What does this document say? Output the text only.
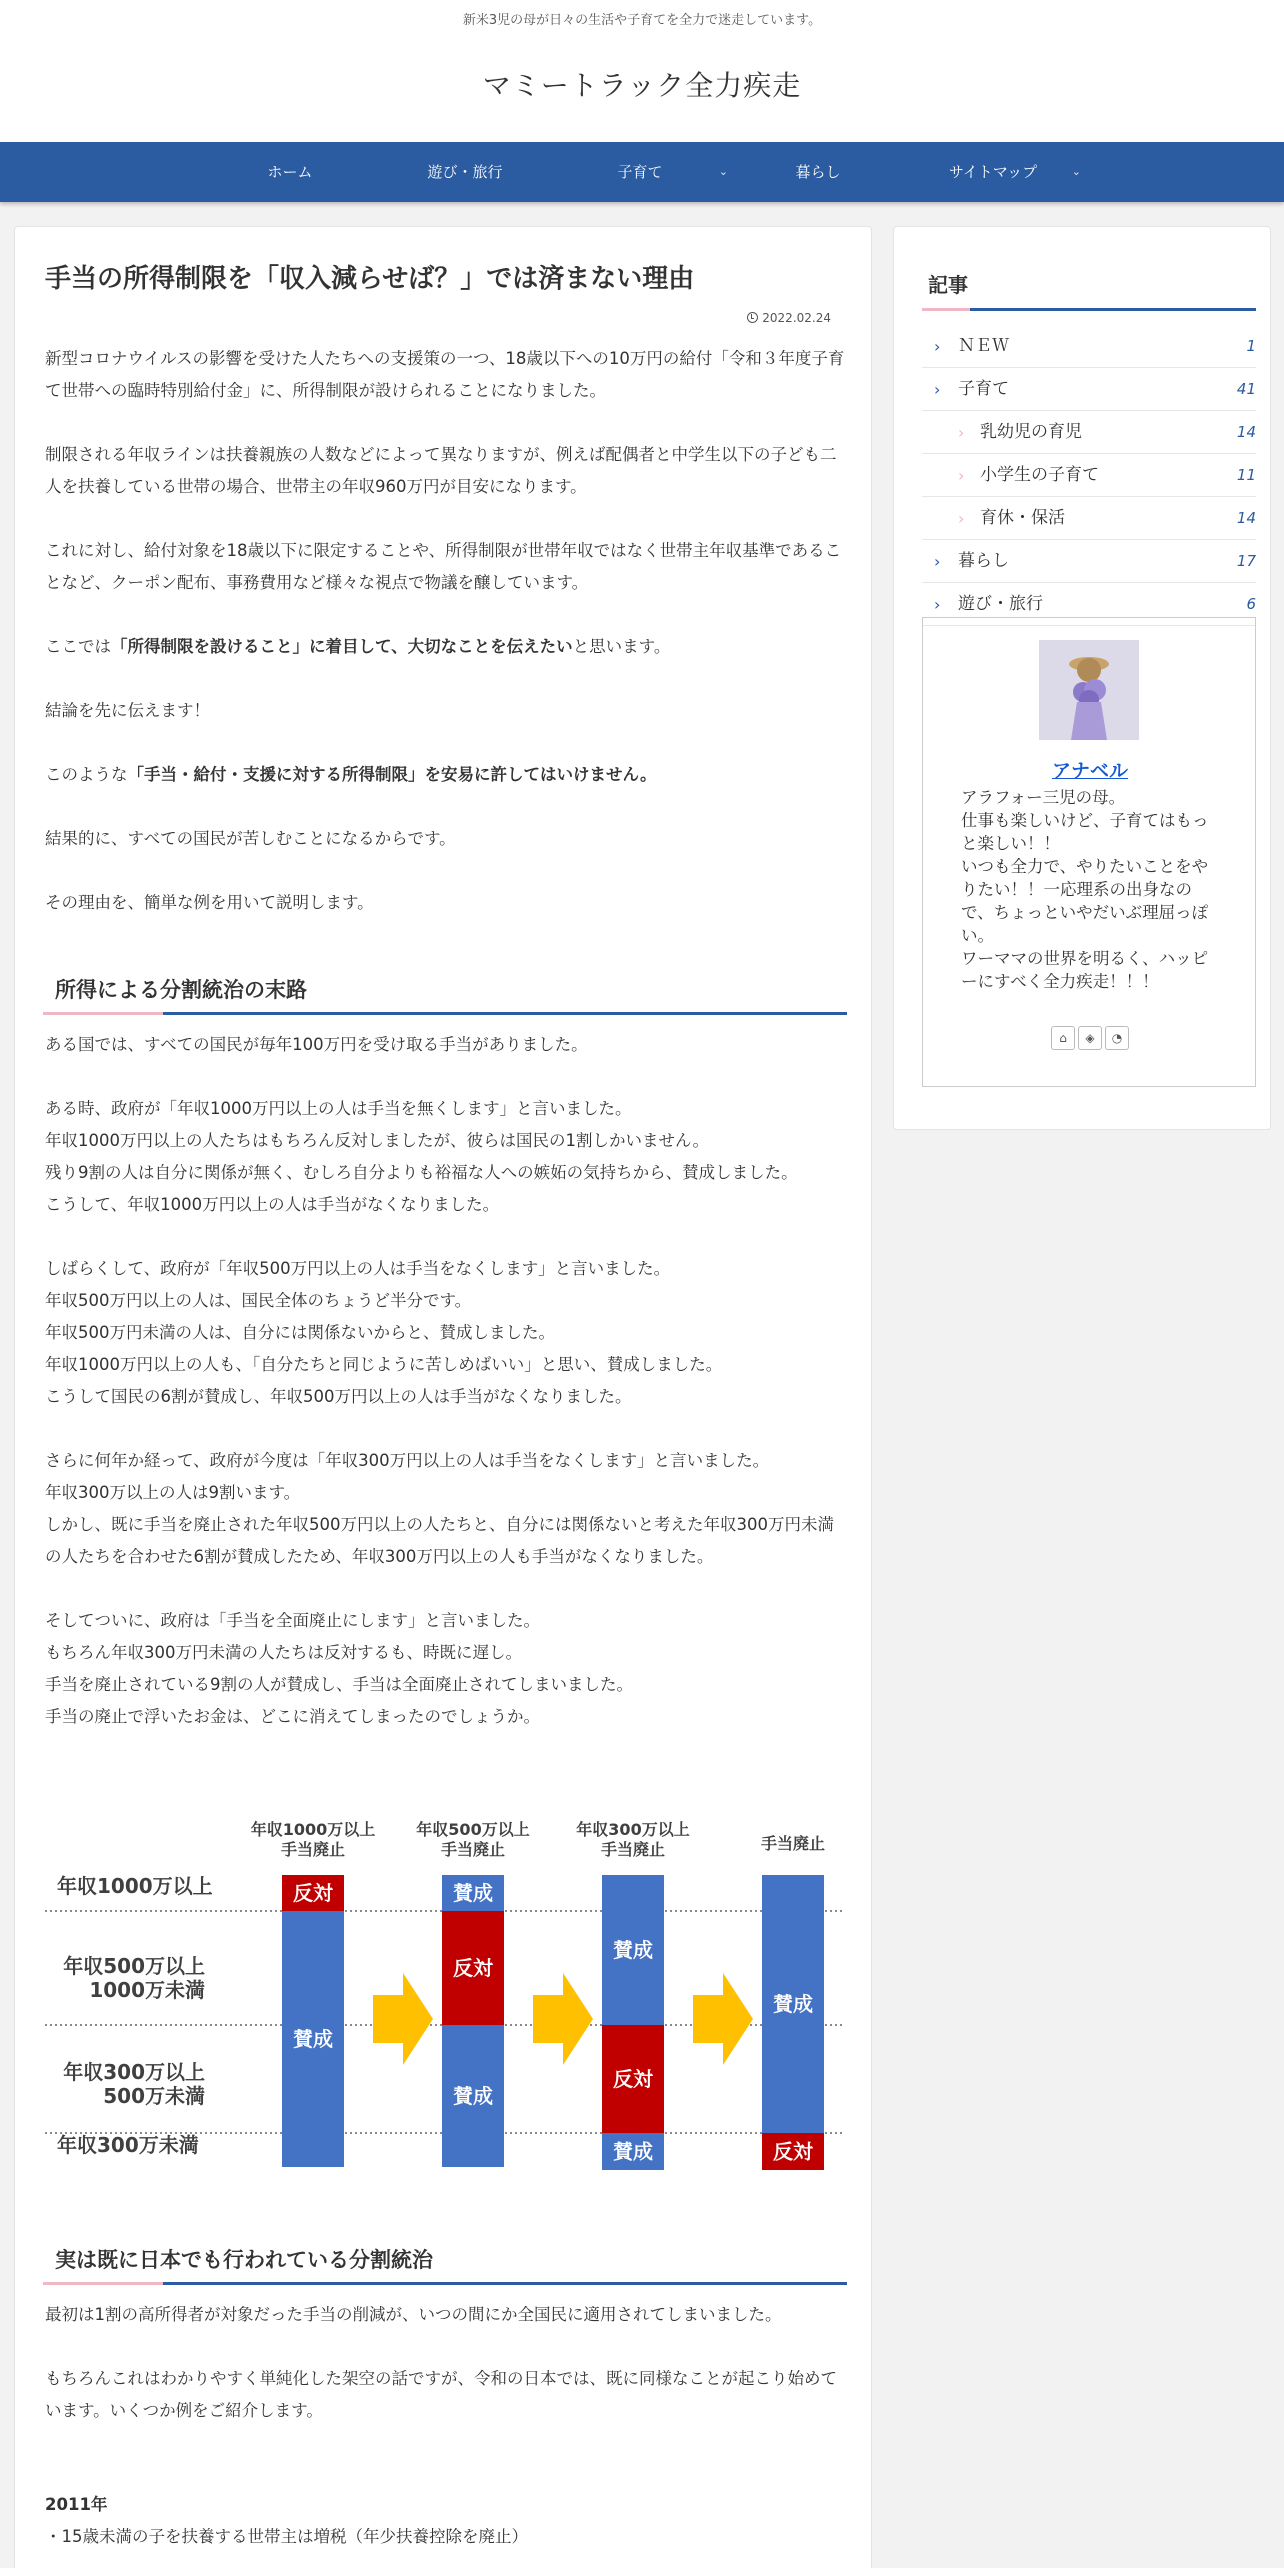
新米3児の母が日々の生活や子育てを全力で迷走しています。
マミートラック全力疾走
ホーム	遊び・旅行	子育て	⌄	暮らし	サイトマップ	⌄
手当の所得制限を「収入減らせば？」では済まない理由
2022.02.24
新型コロナウイルスの影響を受けた人たちへの支援策の一つ、18歳以下への10万円の給付「令和３年度子育て世帯への臨時特別給付金」に、所得制限が設けられることになりました。
制限される年収ラインは扶養親族の人数などによって異なりますが、例えば配偶者と中学生以下の子ども二人を扶養している世帯の場合、世帯主の年収960万円が目安になります。
これに対し、給付対象を18歳以下に限定することや、所得制限が世帯年収ではなく世帯主年収基準であることなど、クーポン配布、事務費用など様々な視点で物議を醸しています。
ここでは「所得制限を設けること」に着目して、大切なことを伝えたいと思います。
結論を先に伝えます！
このような「手当・給付・支援に対する所得制限」を安易に許してはいけません。
結果的に、すべての国民が苦しむことになるからです。
その理由を、簡単な例を用いて説明します。
所得による分割統治の末路
ある国では、すべての国民が毎年100万円を受け取る手当がありました。
ある時、政府が「年収1000万円以上の人は手当を無くします」と言いました。
年収1000万円以上の人たちはもちろん反対しましたが、彼らは国民の1割しかいません。
残り9割の人は自分に関係が無く、むしろ自分よりも裕福な人への嫉妬の気持ちから、賛成しました。
こうして、年収1000万円以上の人は手当がなくなりました。
しばらくして、政府が「年収500万円以上の人は手当をなくします」と言いました。
年収500万円以上の人は、国民全体のちょうど半分です。
年収500万円未満の人は、自分には関係ないからと、賛成しました。
年収1000万円以上の人も、「自分たちと同じように苦しめばいい」と思い、賛成しました。
こうして国民の6割が賛成し、年収500万円以上の人は手当がなくなりました。
さらに何年か経って、政府が今度は「年収300万円以上の人は手当をなくします」と言いました。
年収300万以上の人は9割います。
しかし、既に手当を廃止された年収500万円以上の人たちと、自分には関係ないと考えた年収300万円未満の人たちを合わせた6割が賛成したため、年収300万円以上の人も手当がなくなりました。
そしてついに、政府は「手当を全面廃止にします」と言いました。
もちろん年収300万円未満の人たちは反対するも、時既に遅し。
手当を廃止されている9割の人が賛成し、手当は全面廃止されてしまいました。
手当の廃止で浮いたお金は、どこに消えてしまったのでしょうか。
年収1000万以上
年収500万以上
1000万未満
年収300万以上
500万未満
年収300万未満
反対
賛成
年収1000万以上
手当廃止
賛成
反対
賛成
年収500万以上
手当廃止
賛成
反対
賛成
年収300万以上
手当廃止
賛成
反対
手当廃止
実は既に日本でも行われている分割統治
最初は1割の高所得者が対象だった手当の削減が、いつの間にか全国民に適用されてしまいました。
もちろんこれはわかりやすく単純化した架空の話ですが、令和の日本では、既に同様なことが起こり始めています。いくつか例をご紹介します。
2011年
・15歳未満の子を扶養する世帯主は増税（年少扶養控除を廃止）
記事
› ＮＥＷ	1
› 子育て	41
› 乳幼児の育児	14
› 小学生の子育て	11
› 育休・保活	14
› 暮らし	17
› 遊び・旅行	6
アナベル
アラフォー三児の母。
仕事も楽しいけど、子育てはもっと楽しい！！
いつも全力で、やりたいことをやりたい！！一応理系の出身なので、ちょっといやだいぶ理屈っぽい。
ワーママの世界を明るく、ハッピーにすべく全力疾走！！！
⌂	◈	◔
